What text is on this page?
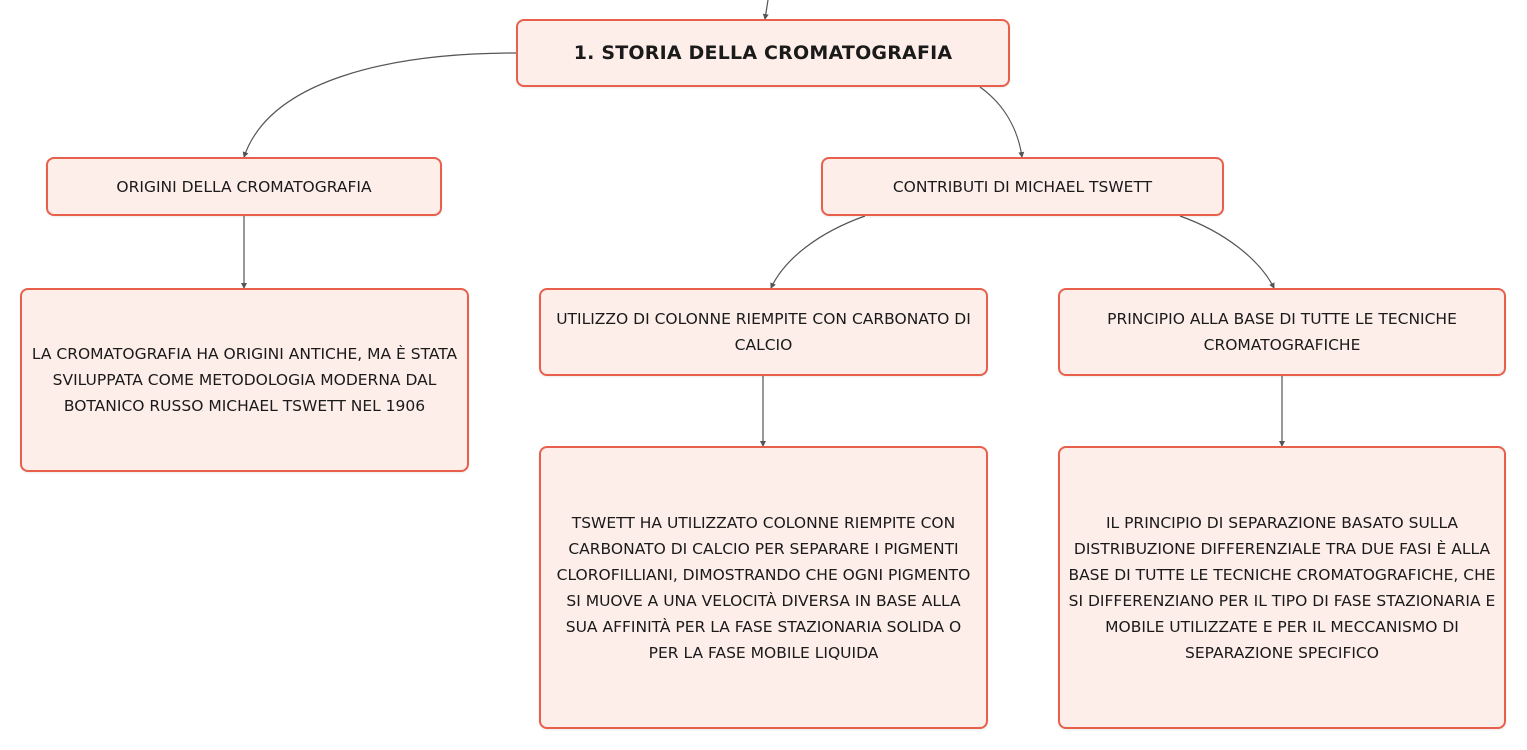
1. STORIA DELLA CROMATOGRAFIA
ORIGINI DELLA CROMATOGRAFIA	CONTRIBUTI DI MICHAEL TSWETT
LA CROMATOGRAFIA HA ORIGINI ANTICHE, MA È STATA SVILUPPATA COME METODOLOGIA MODERNA DAL BOTANICO RUSSO MICHAEL TSWETT NEL 1906
UTILIZZO DI COLONNE RIEMPITE CON CARBONATO DI CALCIO
PRINCIPIO ALLA BASE DI TUTTE LE TECNICHE CROMATOGRAFICHE
TSWETT HA UTILIZZATO COLONNE RIEMPITE CON CARBONATO DI CALCIO PER SEPARARE I PIGMENTI CLOROFILLIANI, DIMOSTRANDO CHE OGNI PIGMENTO SI MUOVE A UNA VELOCITÀ DIVERSA IN BASE ALLA SUA AFFINITÀ PER LA FASE STAZIONARIA SOLIDA O PER LA FASE MOBILE LIQUIDA
IL PRINCIPIO DI SEPARAZIONE BASATO SULLA DISTRIBUZIONE DIFFERENZIALE TRA DUE FASI È ALLA BASE DI TUTTE LE TECNICHE CROMATOGRAFICHE, CHE SI DIFFERENZIANO PER IL TIPO DI FASE STAZIONARIA E MOBILE UTILIZZATE E PER IL MECCANISMO DI SEPARAZIONE SPECIFICO
